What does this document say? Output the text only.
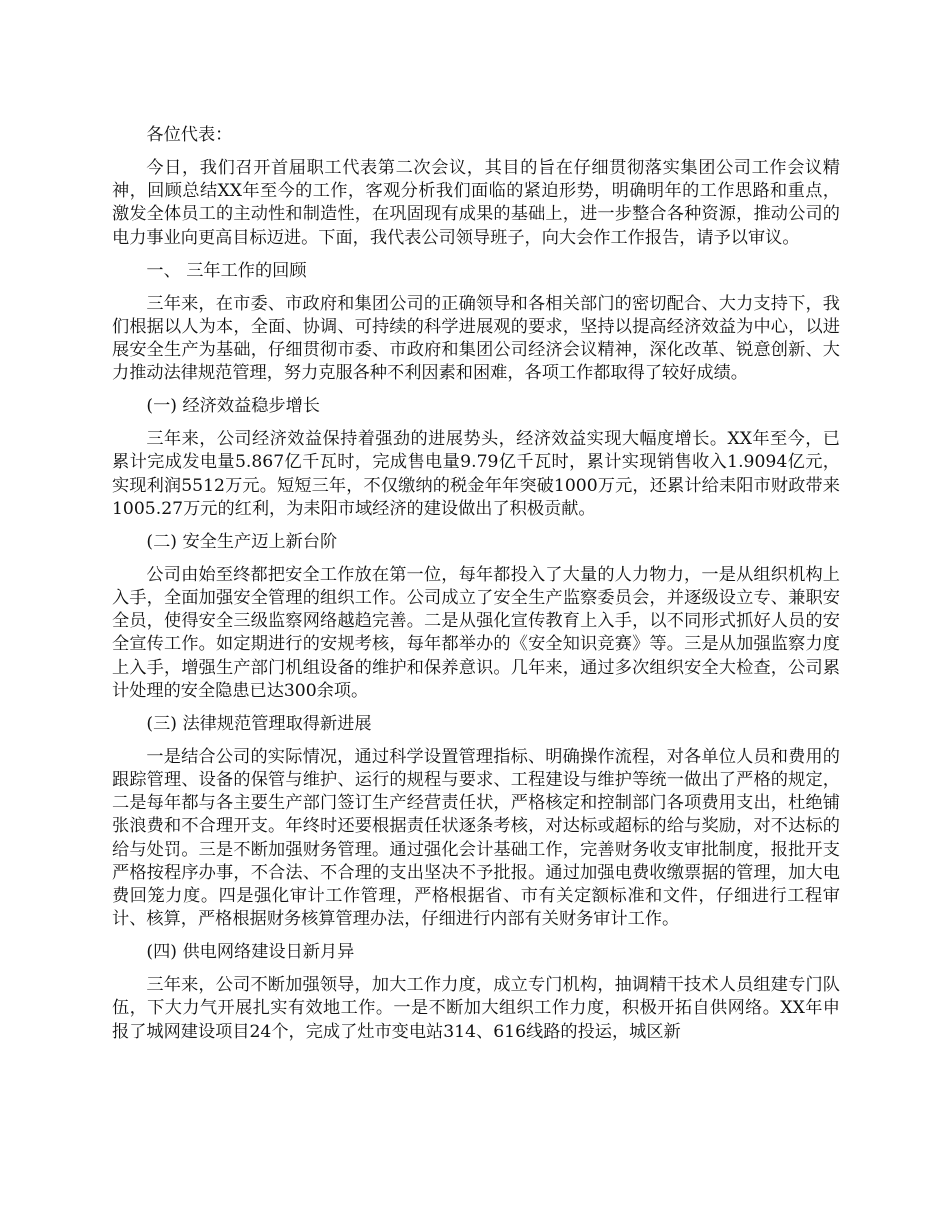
各位代表：

今日，我们召开首届职工代表第二次会议，其目的旨在仔细贯彻落实集团公司工作会议精神，回顾总结XX年至今的工作，客观分析我们面临的紧迫形势，明确明年的工作思路和重点，激发全体员工的主动性和制造性，在巩固现有成果的基础上，进一步整合各种资源，推动公司的电力事业向更高目标迈进。下面，我代表公司领导班子，向大会作工作报告，请予以审议。

一、 三年工作的回顾

三年来，在市委、市政府和集团公司的正确领导和各相关部门的密切配合、大力支持下，我们根据以人为本，全面、协调、可持续的科学进展观的要求，坚持以提高经济效益为中心，以进展安全生产为基础，仔细贯彻市委、市政府和集团公司经济会议精神，深化改革、锐意创新、大力推动法律规范管理，努力克服各种不利因素和困难，各项工作都取得了较好成绩。

(一) 经济效益稳步增长

三年来，公司经济效益保持着强劲的进展势头，经济效益实现大幅度增长。XX年至今，已累计完成发电量5.867亿千瓦时，完成售电量9.79亿千瓦时，累计实现销售收入1.9094亿元，实现利润5512万元。短短三年，不仅缴纳的税金年年突破1000万元，还累计给耒阳市财政带来1005.27万元的红利，为耒阳市域经济的建设做出了积极贡献。

(二) 安全生产迈上新台阶

公司由始至终都把安全工作放在第一位，每年都投入了大量的人力物力，一是从组织机构上入手，全面加强安全管理的组织工作。公司成立了安全生产监察委员会，并逐级设立专、兼职安全员，使得安全三级监察网络越趋完善。二是从强化宣传教育上入手，以不同形式抓好人员的安全宣传工作。如定期进行的安规考核，每年都举办的《安全知识竞赛》等。三是从加强监察力度上入手，增强生产部门机组设备的维护和保养意识。几年来，通过多次组织安全大检查，公司累计处理的安全隐患已达300余项。

(三) 法律规范管理取得新进展

一是结合公司的实际情况，通过科学设置管理指标、明确操作流程，对各单位人员和费用的跟踪管理、设备的保管与维护、运行的规程与要求、工程建设与维护等统一做出了严格的规定，二是每年都与各主要生产部门签订生产经营责任状，严格核定和控制部门各项费用支出，杜绝铺张浪费和不合理开支。年终时还要根据责任状逐条考核，对达标或超标的给与奖励，对不达标的给与处罚。三是不断加强财务管理。通过强化会计基础工作，完善财务收支审批制度，报批开支严格按程序办事，不合法、不合理的支出坚决不予批报。通过加强电费收缴票据的管理，加大电费回笼力度。四是强化审计工作管理，严格根据省、市有关定额标准和文件，仔细进行工程审计、核算，严格根据财务核算管理办法，仔细进行内部有关财务审计工作。

(四) 供电网络建设日新月异

三年来，公司不断加强领导，加大工作力度，成立专门机构，抽调精干技术人员组建专门队伍，下大力气开展扎实有效地工作。一是不断加大组织工作力度，积极开拓自供网络。XX年申报了城网建设项目24个，完成了灶市变电站314、616线路的投运，城区新
